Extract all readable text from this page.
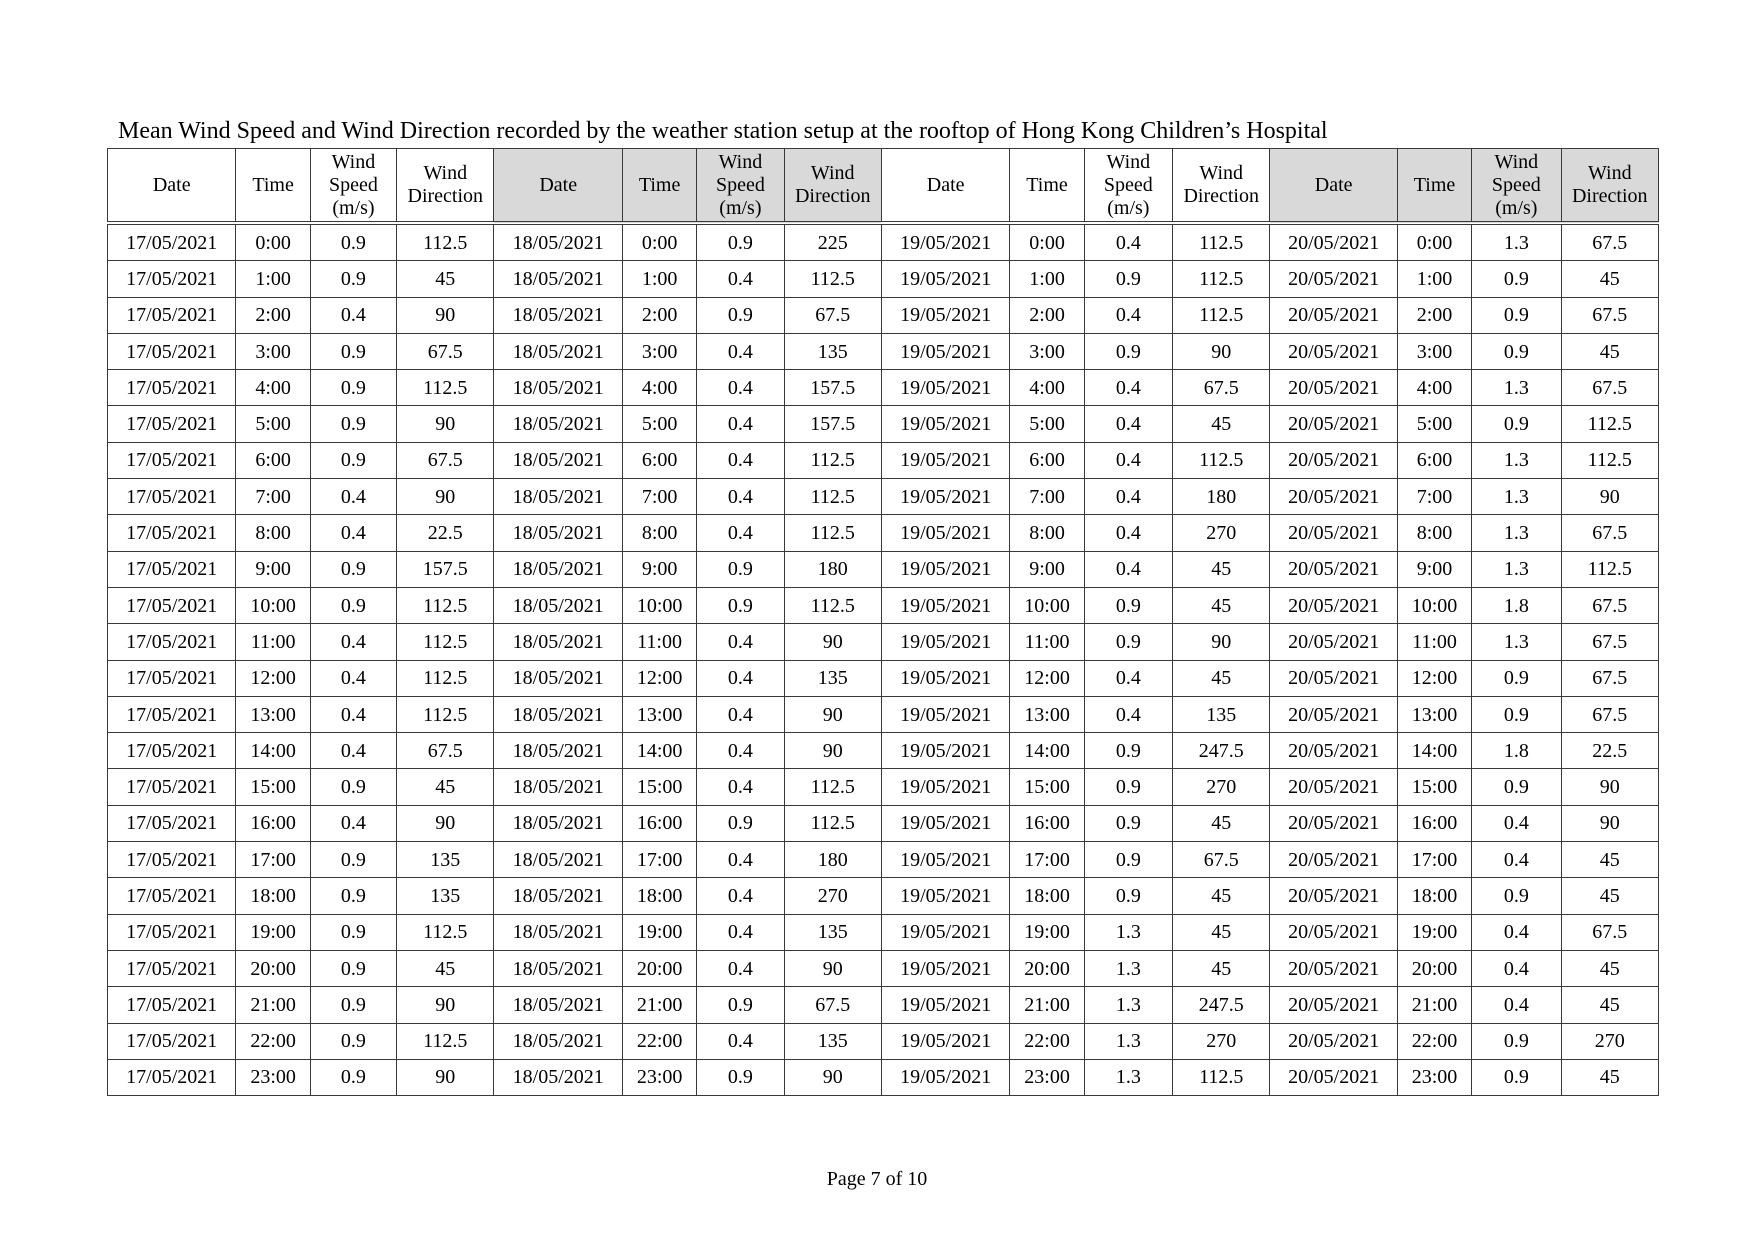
Mean Wind Speed and Wind Direction recorded by the weather station setup at the rooftop of Hong Kong Children’s Hospital
Date	Time	Wind
Speed
(m/s)	Wind
Direction	Date	Time	Wind
Speed
(m/s)	Wind
Direction	Date	Time	Wind
Speed
(m/s)	Wind
Direction	Date	Time	Wind
Speed
(m/s)	Wind
Direction
17/05/2021	0:00	0.9	112.5	18/05/2021	0:00	0.9	225	19/05/2021	0:00	0.4	112.5	20/05/2021	0:00	1.3	67.5
17/05/2021	1:00	0.9	45	18/05/2021	1:00	0.4	112.5	19/05/2021	1:00	0.9	112.5	20/05/2021	1:00	0.9	45
17/05/2021	2:00	0.4	90	18/05/2021	2:00	0.9	67.5	19/05/2021	2:00	0.4	112.5	20/05/2021	2:00	0.9	67.5
17/05/2021	3:00	0.9	67.5	18/05/2021	3:00	0.4	135	19/05/2021	3:00	0.9	90	20/05/2021	3:00	0.9	45
17/05/2021	4:00	0.9	112.5	18/05/2021	4:00	0.4	157.5	19/05/2021	4:00	0.4	67.5	20/05/2021	4:00	1.3	67.5
17/05/2021	5:00	0.9	90	18/05/2021	5:00	0.4	157.5	19/05/2021	5:00	0.4	45	20/05/2021	5:00	0.9	112.5
17/05/2021	6:00	0.9	67.5	18/05/2021	6:00	0.4	112.5	19/05/2021	6:00	0.4	112.5	20/05/2021	6:00	1.3	112.5
17/05/2021	7:00	0.4	90	18/05/2021	7:00	0.4	112.5	19/05/2021	7:00	0.4	180	20/05/2021	7:00	1.3	90
17/05/2021	8:00	0.4	22.5	18/05/2021	8:00	0.4	112.5	19/05/2021	8:00	0.4	270	20/05/2021	8:00	1.3	67.5
17/05/2021	9:00	0.9	157.5	18/05/2021	9:00	0.9	180	19/05/2021	9:00	0.4	45	20/05/2021	9:00	1.3	112.5
17/05/2021	10:00	0.9	112.5	18/05/2021	10:00	0.9	112.5	19/05/2021	10:00	0.9	45	20/05/2021	10:00	1.8	67.5
17/05/2021	11:00	0.4	112.5	18/05/2021	11:00	0.4	90	19/05/2021	11:00	0.9	90	20/05/2021	11:00	1.3	67.5
17/05/2021	12:00	0.4	112.5	18/05/2021	12:00	0.4	135	19/05/2021	12:00	0.4	45	20/05/2021	12:00	0.9	67.5
17/05/2021	13:00	0.4	112.5	18/05/2021	13:00	0.4	90	19/05/2021	13:00	0.4	135	20/05/2021	13:00	0.9	67.5
17/05/2021	14:00	0.4	67.5	18/05/2021	14:00	0.4	90	19/05/2021	14:00	0.9	247.5	20/05/2021	14:00	1.8	22.5
17/05/2021	15:00	0.9	45	18/05/2021	15:00	0.4	112.5	19/05/2021	15:00	0.9	270	20/05/2021	15:00	0.9	90
17/05/2021	16:00	0.4	90	18/05/2021	16:00	0.9	112.5	19/05/2021	16:00	0.9	45	20/05/2021	16:00	0.4	90
17/05/2021	17:00	0.9	135	18/05/2021	17:00	0.4	180	19/05/2021	17:00	0.9	67.5	20/05/2021	17:00	0.4	45
17/05/2021	18:00	0.9	135	18/05/2021	18:00	0.4	270	19/05/2021	18:00	0.9	45	20/05/2021	18:00	0.9	45
17/05/2021	19:00	0.9	112.5	18/05/2021	19:00	0.4	135	19/05/2021	19:00	1.3	45	20/05/2021	19:00	0.4	67.5
17/05/2021	20:00	0.9	45	18/05/2021	20:00	0.4	90	19/05/2021	20:00	1.3	45	20/05/2021	20:00	0.4	45
17/05/2021	21:00	0.9	90	18/05/2021	21:00	0.9	67.5	19/05/2021	21:00	1.3	247.5	20/05/2021	21:00	0.4	45
17/05/2021	22:00	0.9	112.5	18/05/2021	22:00	0.4	135	19/05/2021	22:00	1.3	270	20/05/2021	22:00	0.9	270
17/05/2021	23:00	0.9	90	18/05/2021	23:00	0.9	90	19/05/2021	23:00	1.3	112.5	20/05/2021	23:00	0.9	45
Page 7 of 10
